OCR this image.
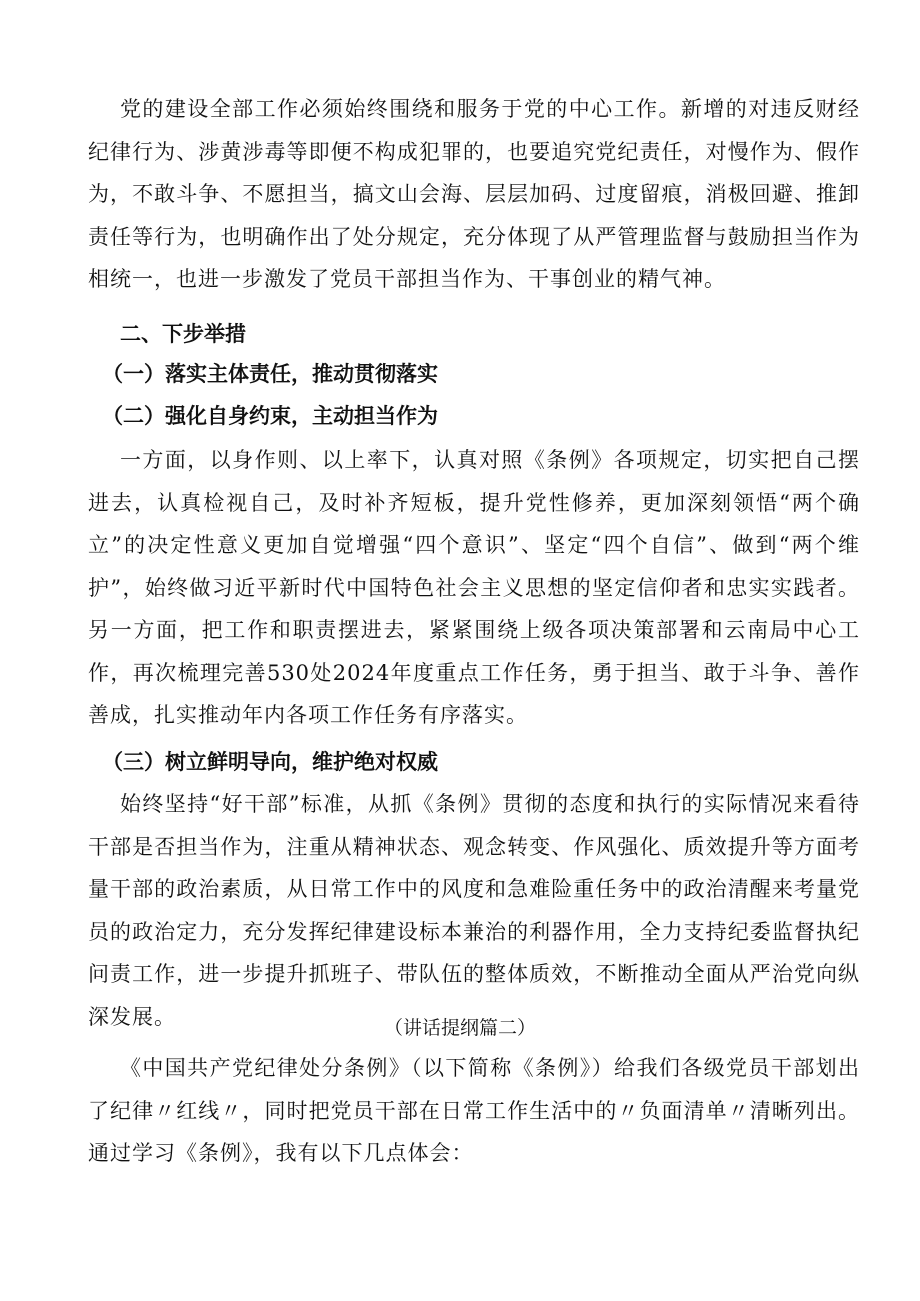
党的建设全部工作必须始终围绕和服务于党的中心工作。新增的对违反财经纪律行为、涉黄涉毒等即便不构成犯罪的，也要追究党纪责任，对慢作为、假作为，不敢斗争、不愿担当，搞文山会海、层层加码、过度留痕，消极回避、推卸责任等行为，也明确作出了处分规定，充分体现了从严管理监督与鼓励担当作为相统一，也进一步激发了党员干部担当作为、干事创业的精气神。

二、下步举措

（一）落实主体责任，推动贯彻落实

（二）强化自身约束，主动担当作为

一方面，以身作则、以上率下，认真对照《条例》各项规定，切实把自己摆进去，认真检视自己，及时补齐短板，提升党性修养，更加深刻领悟“两个确立”的决定性意义更加自觉增强“四个意识”、坚定“四个自信”、做到“两个维护”，始终做习近平新时代中国特色社会主义思想的坚定信仰者和忠实实践者。另一方面，把工作和职责摆进去，紧紧围绕上级各项决策部署和云南局中心工作，再次梳理完善530处2024年度重点工作任务，勇于担当、敢于斗争、善作善成，扎实推动年内各项工作任务有序落实。

（三）树立鲜明导向，维护绝对权威

始终坚持“好干部”标准，从抓《条例》贯彻的态度和执行的实际情况来看待干部是否担当作为，注重从精神状态、观念转变、作风强化、质效提升等方面考量干部的政治素质，从日常工作中的风度和急难险重任务中的政治清醒来考量党员的政治定力，充分发挥纪律建设标本兼治的利器作用，全力支持纪委监督执纪问责工作，进一步提升抓班子、带队伍的整体质效，不断推动全面从严治党向纵深发展。	（讲话提纲篇二）

《中国共产党纪律处分条例》（以下简称《条例》）给我们各级党员干部划出了纪律〃红线〃，同时把党员干部在日常工作生活中的〃负面清单〃清晰列出。通过学习《条例》，我有以下几点体会：
